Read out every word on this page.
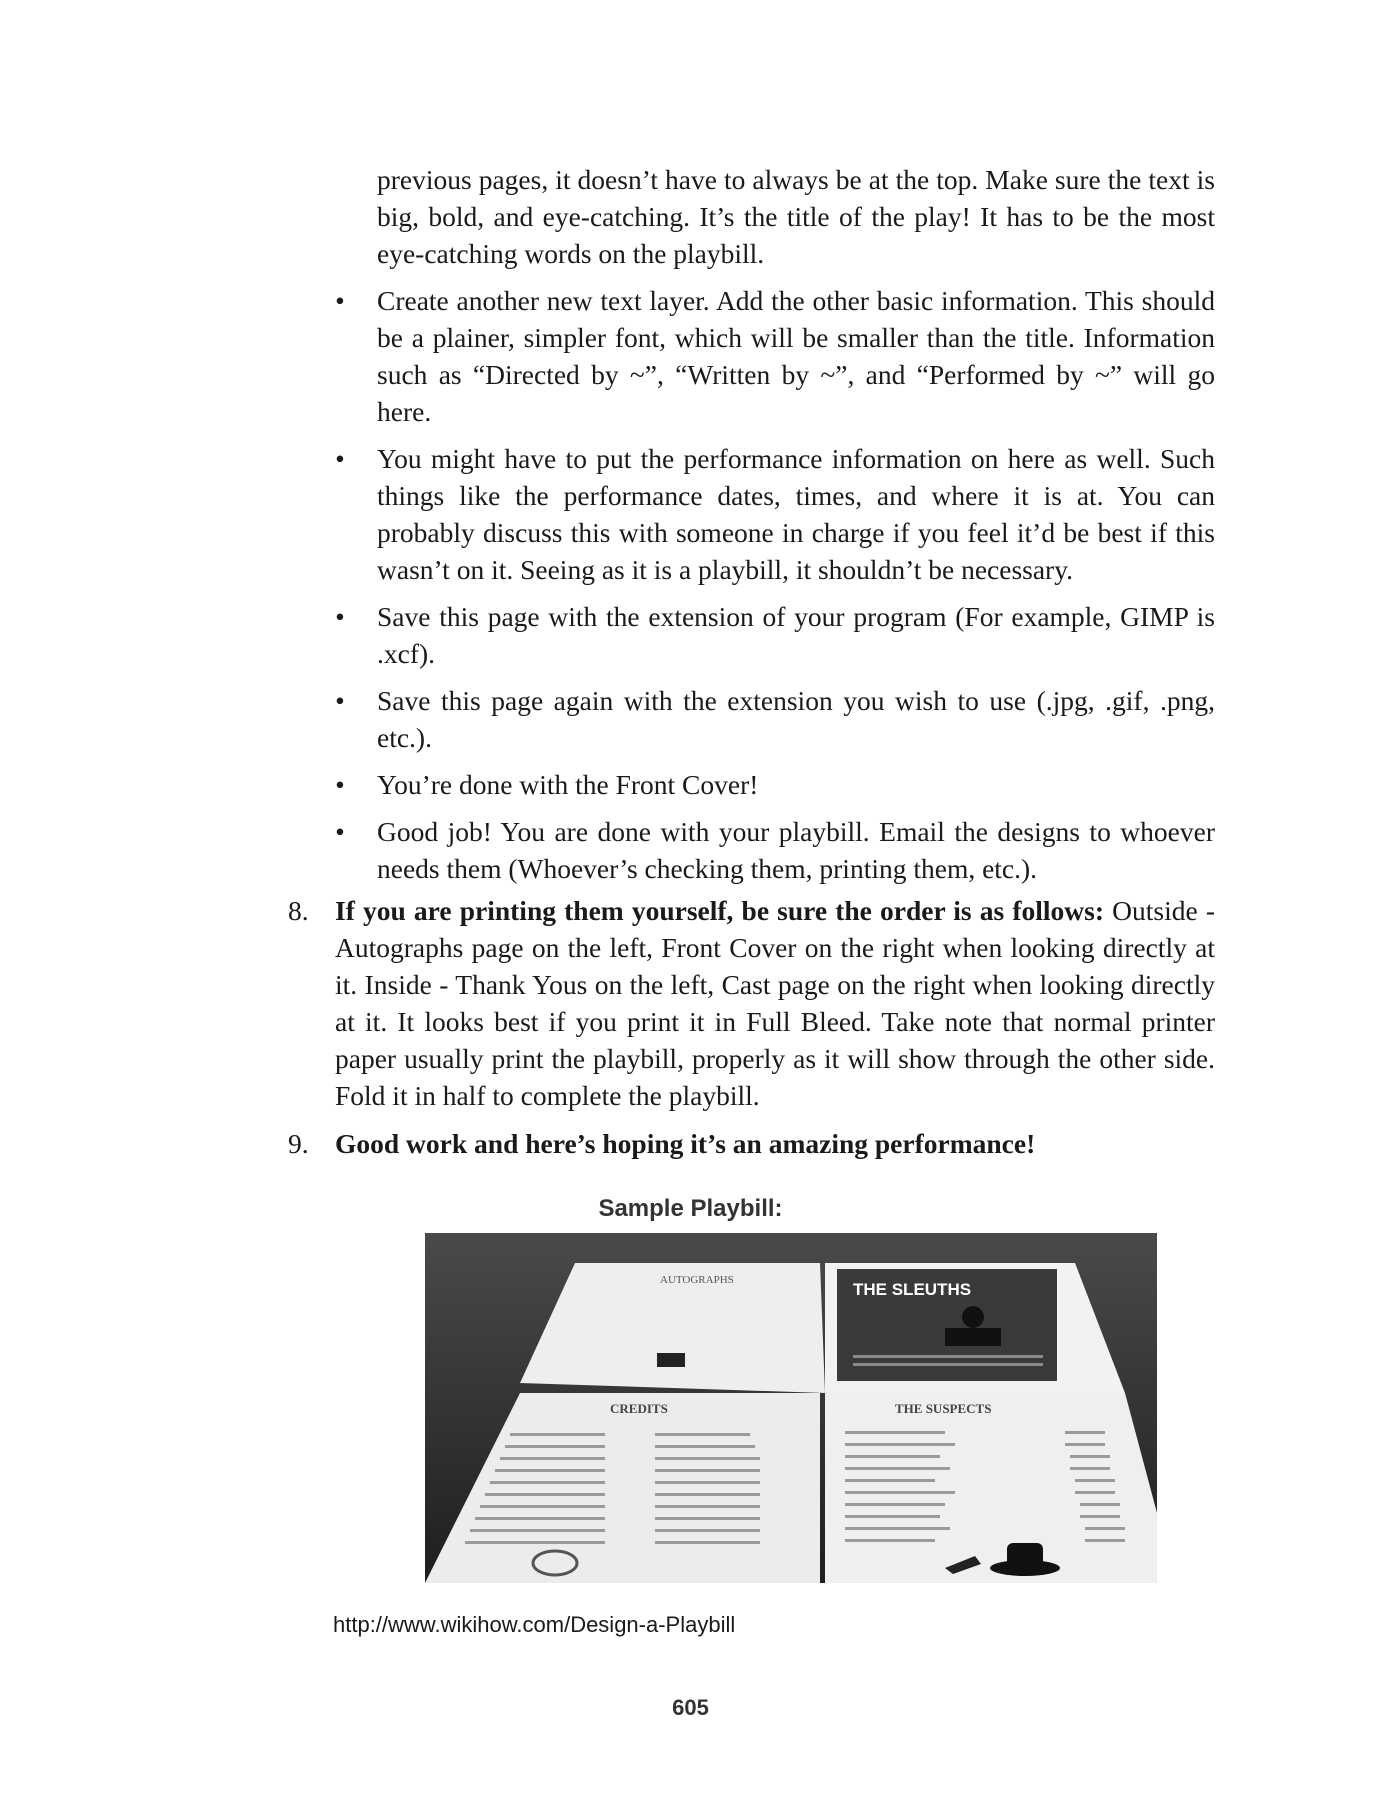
previous pages, it doesn’t have to always be at the top. Make sure the text is big, bold, and eye-catching. It’s the title of the play! It has to be the most eye-catching words on the playbill.
• Create another new text layer. Add the other basic information. This should be a plainer, simpler font, which will be smaller than the title. Information such as “Directed by ~”, “Written by ~”, and “Performed by ~” will go here.
• You might have to put the performance information on here as well. Such things like the performance dates, times, and where it is at. You can probably discuss this with someone in charge if you feel it’d be best if this wasn’t on it. Seeing as it is a playbill, it shouldn’t be necessary.
• Save this page with the extension of your program (For example, GIMP is .xcf).
• Save this page again with the extension you wish to use (.jpg, .gif, .png, etc.).
• You’re done with the Front Cover!
• Good job! You are done with your playbill. Email the designs to whoever needs them (Whoever’s checking them, printing them, etc.).
8. If you are printing them yourself, be sure the order is as follows: Outside - Autographs page on the left, Front Cover on the right when looking directly at it. Inside - Thank Yous on the left, Cast page on the right when looking directly at it. It looks best if you print it in Full Bleed. Take note that normal printer paper usually print the playbill, properly as it will show through the other side. Fold it in half to complete the playbill.
9. Good work and here’s hoping it’s an amazing performance!
Sample Playbill:
AUTOGRAPHS	THE SLEUTHS
CREDITS	THE SUSPECTS
http://www.wikihow.com/Design-a-Playbill
605
